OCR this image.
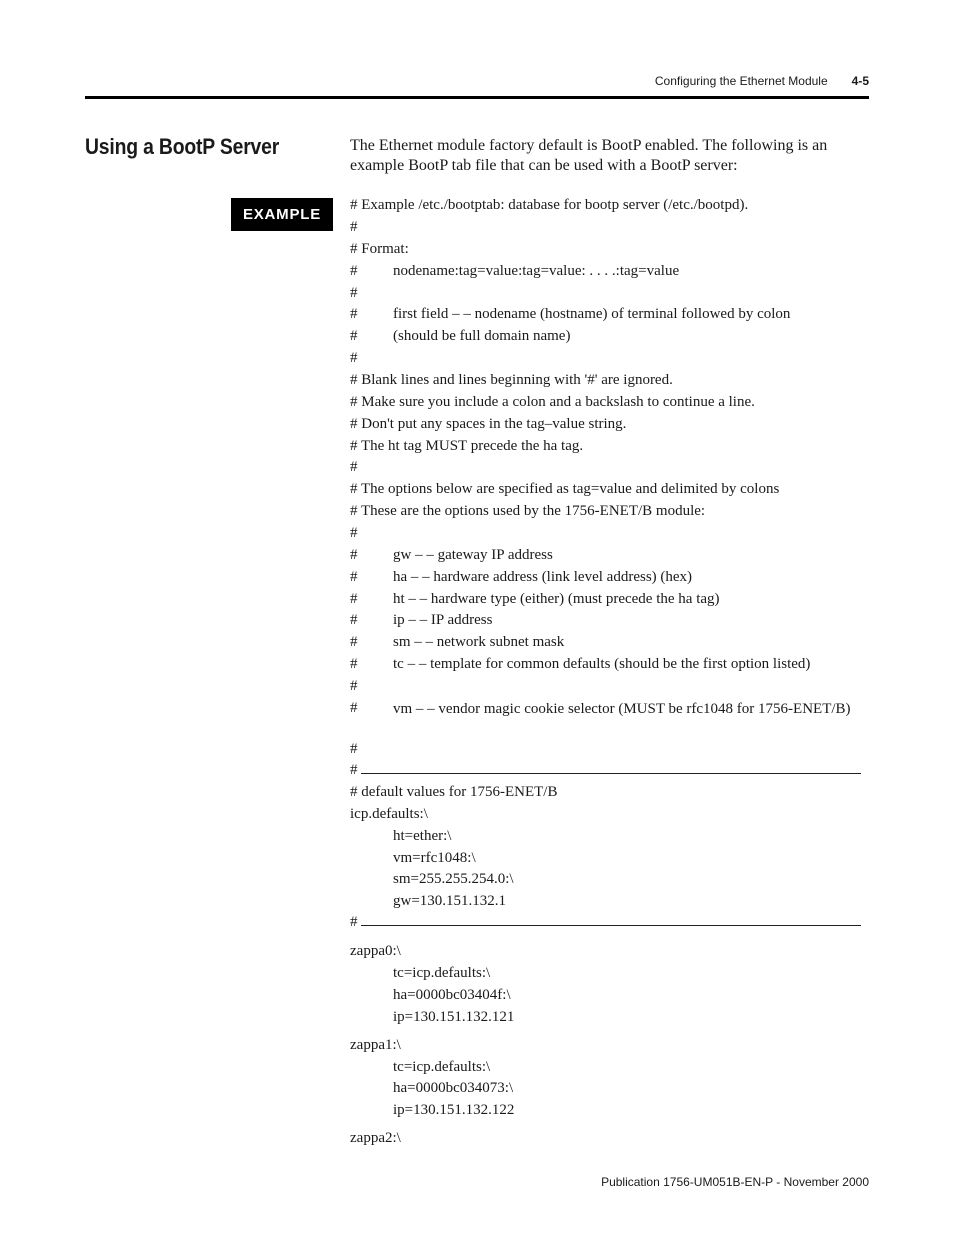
Configuring the Ethernet Module 4-5
Using a BootP Server	The Ethernet module factory default is BootP enabled. The following is an example BootP tab file that can be used with a BootP server:
EXAMPLE
# Example /etc./bootptab: database for bootp server (/etc./bootpd).
#
# Format:
# nodename:tag=value:tag=value: . . . .:tag=value
#
# first field – – nodename (hostname) of terminal followed by colon
# (should be full domain name)
#
# Blank lines and lines beginning with '#' are ignored.
# Make sure you include a colon and a backslash to continue a line.
# Don't put any spaces in the tag–value string.
# The ht tag MUST precede the ha tag.
#
# The options below are specified as tag=value and delimited by colons
# These are the options used by the 1756-ENET/B module:
#
# gw – – gateway IP address
# ha – – hardware address (link level address) (hex)
# ht – – hardware type (either) (must precede the ha tag)
# ip – – IP address
# sm – – network subnet mask
# tc – – template for common defaults (should be the first option listed)
#
# vm – – vendor magic cookie selector (MUST be rfc1048 for 1756-ENET/B)
#
#
# default values for 1756-ENET/B
icp.defaults:\
ht=ether:\
vm=rfc1048:\
sm=255.255.254.0:\
gw=130.151.132.1
#
zappa0:\
tc=icp.defaults:\
ha=0000bc03404f:\
ip=130.151.132.121
zappa1:\
tc=icp.defaults:\
ha=0000bc034073:\
ip=130.151.132.122
zappa2:\
Publication 1756-UM051B-EN-P - November 2000
